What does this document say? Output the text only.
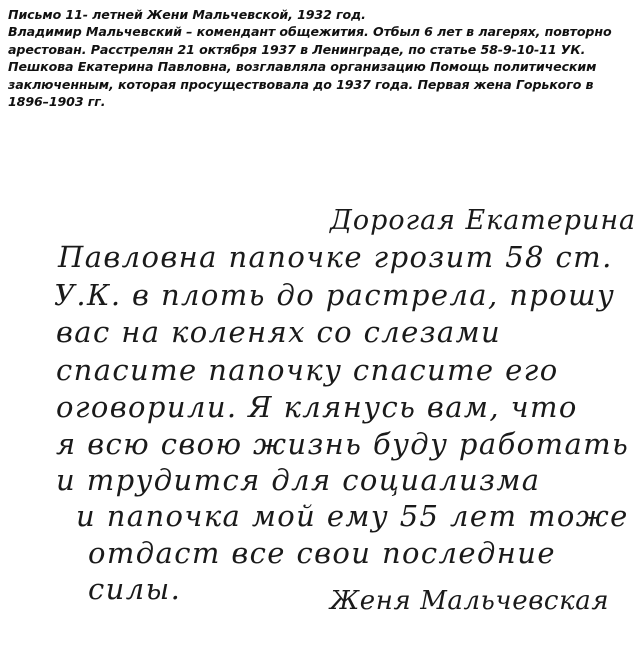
Письмо 11- летней Жени Мальчевской, 1932 год.

Владимир Мальчевский – комендант общежития. Отбыл 6 лет в лагерях, повторно арестован. Расстрелян 21 октября 1937 в Ленинграде, по статье 58-9-10-11 УК.

Пешкова Екатерина Павловна, возглавляла организацию Помощь политическим заключенным, которая просуществовала до 1937 года. Первая жена Горького в 1896–1903 гг.

Дорогая Екатерина
Павловна папочке грозит 58 ст.
У.К. в плоть до растрела, прошу
вас на коленях со слезами
спасите папочку спасите его
оговорили. Я клянусь вам, что
я всю свою жизнь буду работать
и трудится для социализма
и папочка мой ему 55 лет тоже
отдаст все свои последние
силы.	Женя Мальчевская
